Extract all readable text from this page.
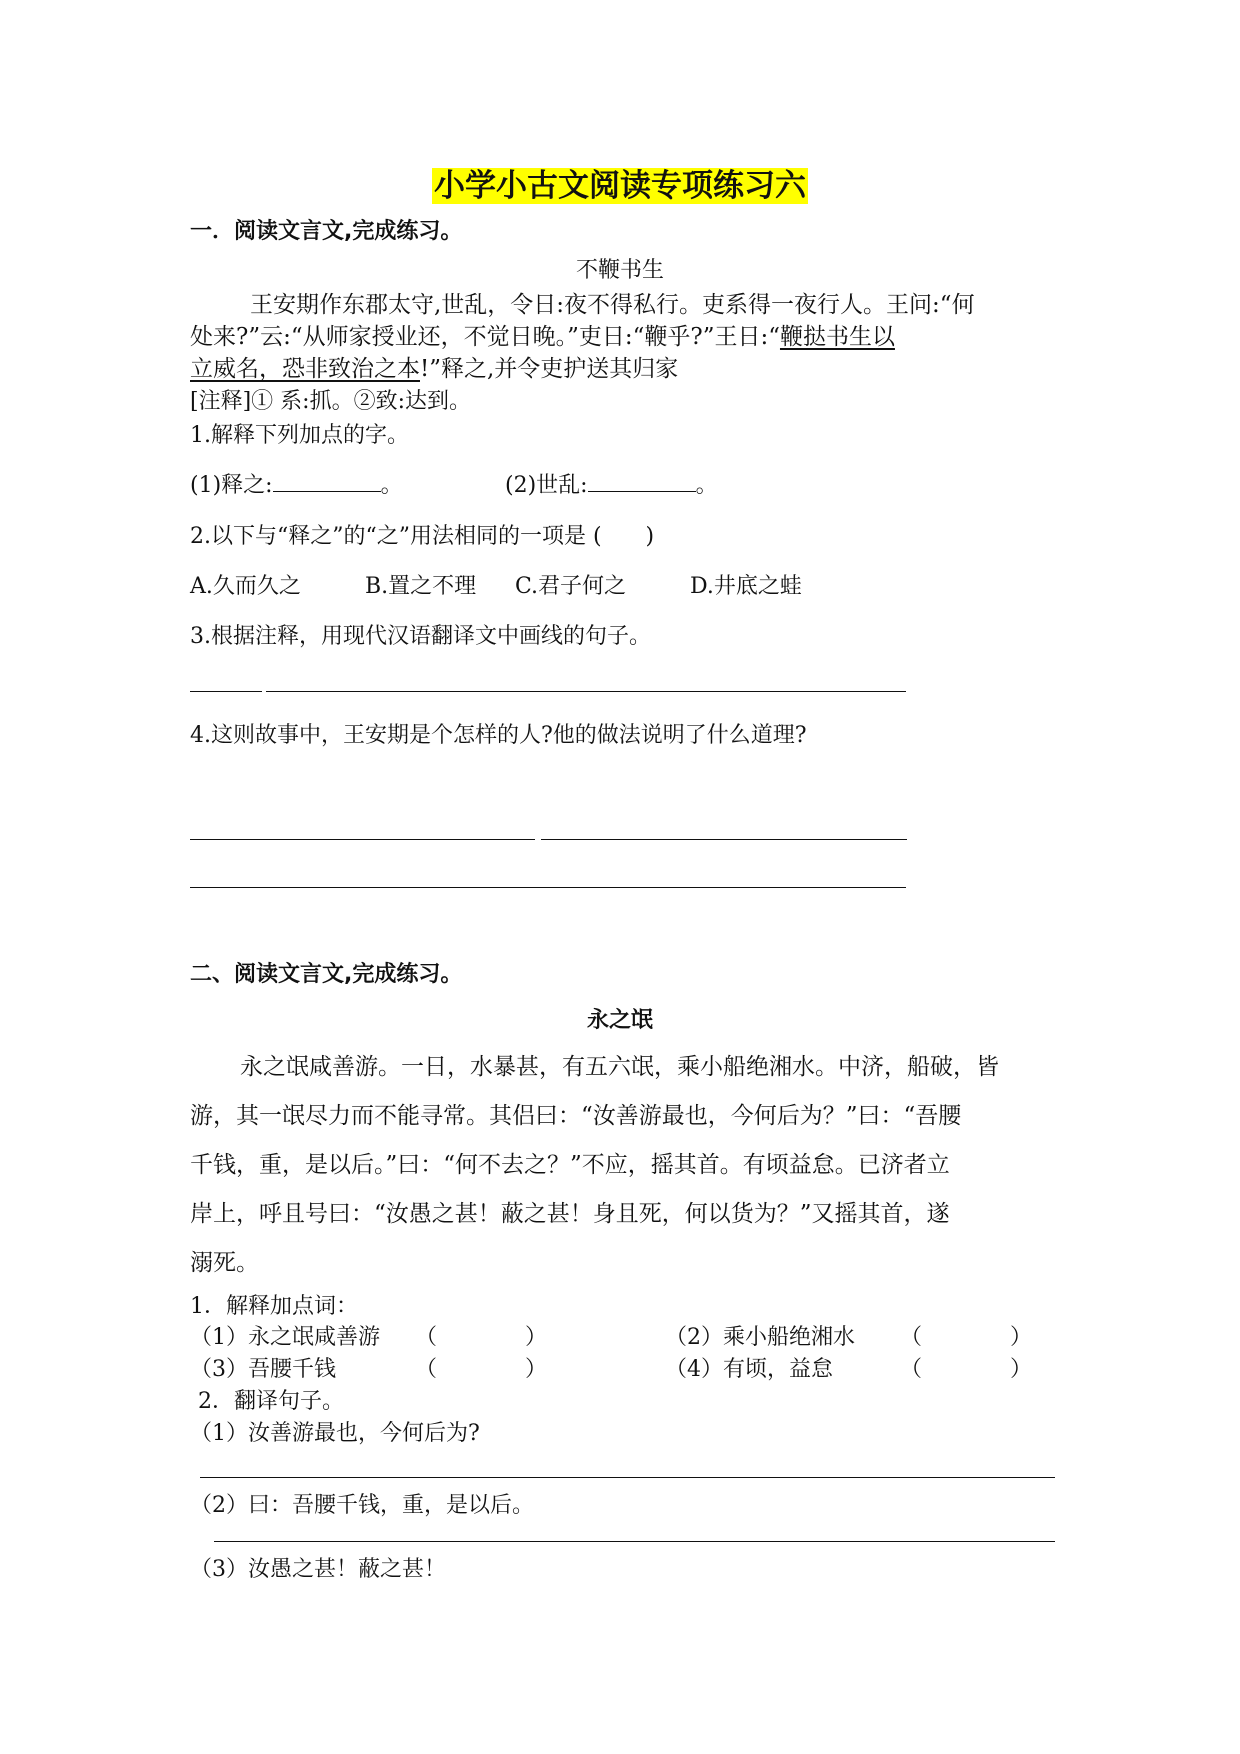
小学小古文阅读专项练习六
一．阅读文言文,完成练习。
不鞭书生
王安期作东郡太守,世乱，令日:夜不得私行。吏系得一夜行人。王问:“何
处来?”云:“从师家授业还，不觉日晚。”吏日:“鞭乎?”王日:“鞭挞书生以
立威名，恐非致治之本!”释之,并令吏护送其归家
[注释]① 系:抓。②致:达到。
1.解释下列加点的字。
(1)释之:	。	(2)世乱:	。
2.以下与“释之”的“之”用法相同的一项是 (　　)
A.久而久之	B.置之不理 C.君子何之	D.井底之蛙
3.根据注释，用现代汉语翻译文中画线的句子。
4.这则故事中，王安期是个怎样的人?他的做法说明了什么道理?
二、阅读文言文,完成练习。
永之氓
永之氓咸善游。一日，水暴甚，有五六氓，乘小船绝湘水。中济，船破，皆
游，其一氓尽力而不能寻常。其侣曰：“汝善游最也，今何后为？”曰：“吾腰
千钱，重，是以后。”曰：“何不去之？”不应，摇其首。有顷益怠。已济者立
岸上，呼且号曰：“汝愚之甚！蔽之甚！身且死，何以货为？”又摇其首，遂
溺死。
1．解释加点词：
（1）永之氓咸善游 （　　　　）	（2）乘小船绝湘水 （　　　　）
（3）吾腰千钱	（　　　　）	（4）有顷，益怠	（　　　　）
2．翻译句子。
（1）汝善游最也，今何后为?
（2）曰：吾腰千钱，重，是以后。
（3）汝愚之甚！蔽之甚！
